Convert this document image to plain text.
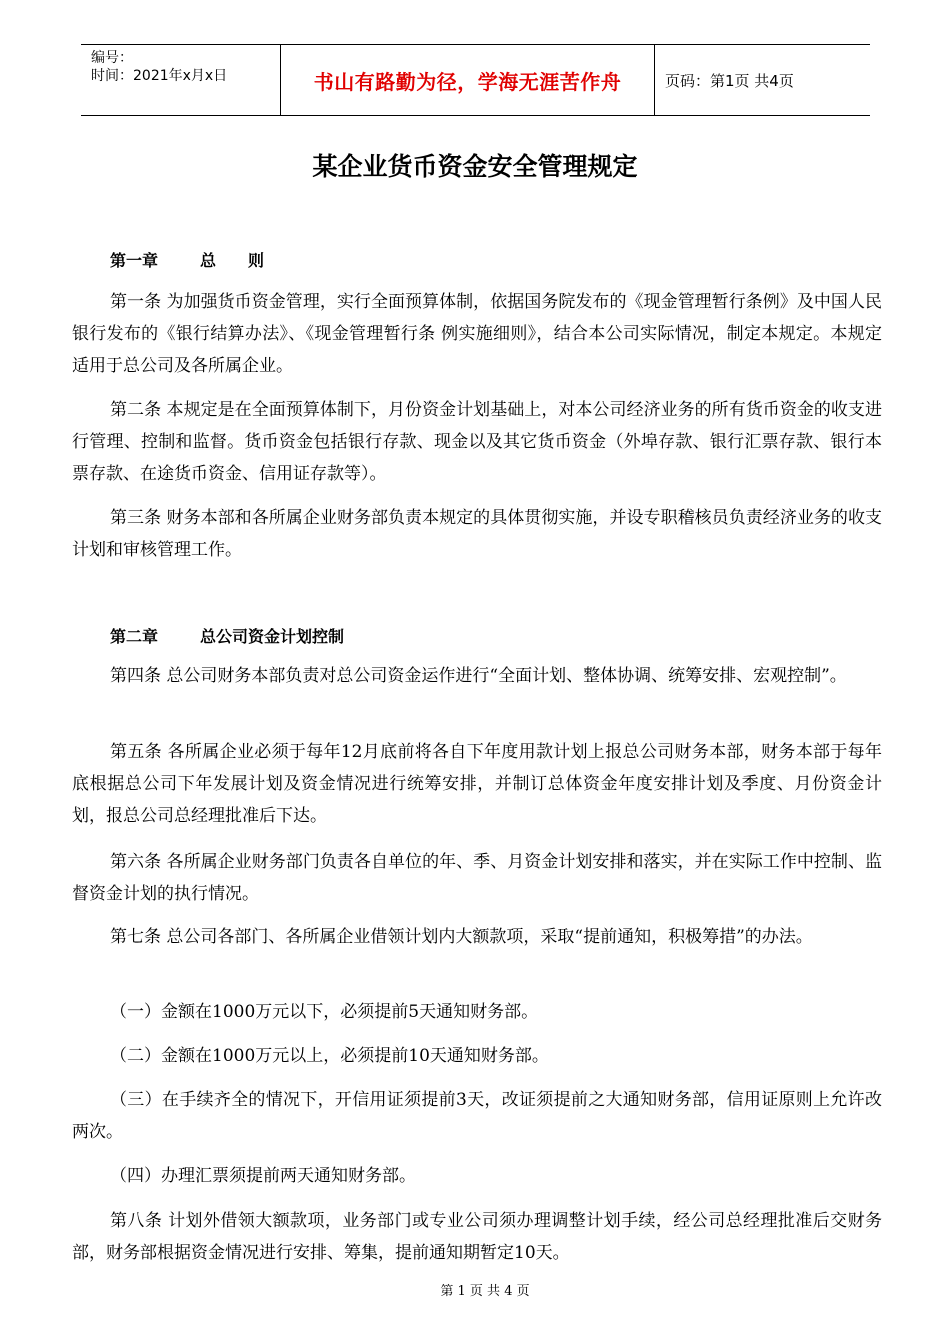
编号：
时间：2021年x月x日	书山有路勤为径，学海无涯苦作舟	页码：第1页 共4页
某企业货币资金安全管理规定
第一章	总　　则

第一条 为加强货币资金管理，实行全面预算体制，依据国务院发布的《现金管理暂行条例》及中国人民银行发布的《银行结算办法》、《现金管理暂行条 例实施细则》，结合本公司实际情况，制定本规定。本规定适用于总公司及各所属企业。

第二条 本规定是在全面预算体制下，月份资金计划基础上，对本公司经济业务的所有货币资金的收支进行管理、控制和监督。货币资金包括银行存款、现金以及其它货币资金（外埠存款、银行汇票存款、银行本票存款、在途货币资金、信用证存款等）。

第三条 财务本部和各所属企业财务部负责本规定的具体贯彻实施，并设专职稽核员负责经济业务的收支计划和审核管理工作。

第二章	总公司资金计划控制

第四条 总公司财务本部负责对总公司资金运作进行“全面计划、整体协调、统筹安排、宏观控制”。

第五条 各所属企业必须于每年12月底前将各自下年度用款计划上报总公司财务本部，财务本部于每年底根据总公司下年发展计划及资金情况进行统筹安排，并制订总体资金年度安排计划及季度、月份资金计划，报总公司总经理批准后下达。

第六条 各所属企业财务部门负责各自单位的年、季、月资金计划安排和落实，并在实际工作中控制、监督资金计划的执行情况。

第七条 总公司各部门、各所属企业借领计划内大额款项，采取“提前通知，积极筹措”的办法。

（一）金额在1000万元以下，必须提前5天通知财务部。

（二）金额在1000万元以上，必须提前10天通知财务部。

（三）在手续齐全的情况下，开信用证须提前3天，改证须提前之大通知财务部，信用证原则上允许改两次。

（四）办理汇票须提前两天通知财务部。

第八条 计划外借领大额款项，业务部门或专业公司须办理调整计划手续，经公司总经理批准后交财务部，财务部根据资金情况进行安排、筹集，提前通知期暂定10天。

第 1 页 共 4 页
